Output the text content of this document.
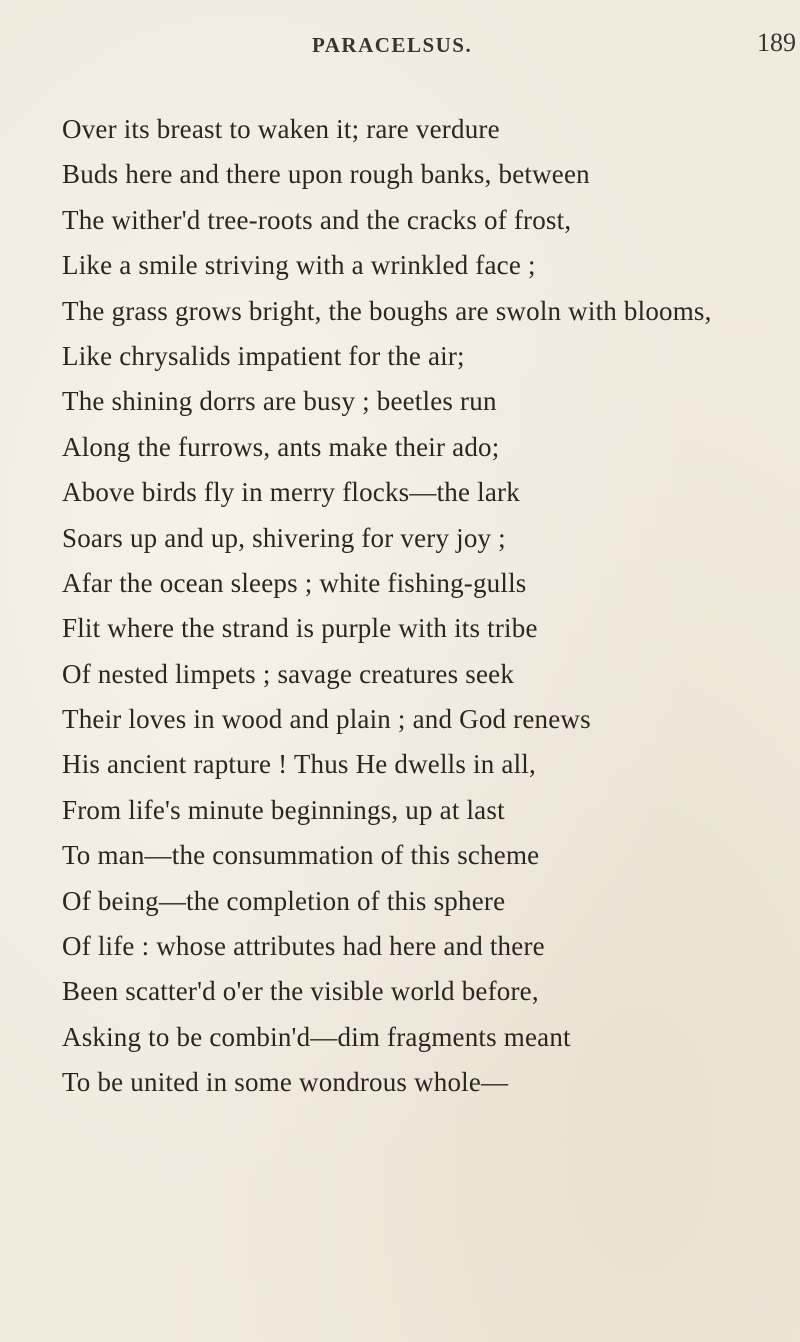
PARACELSUS.	189
Over its breast to waken it; rare verdure
Buds here and there upon rough banks, between
The wither'd tree-roots and the cracks of frost,
Like a smile striving with a wrinkled face ;
The grass grows bright, the boughs are swoln with blooms,
Like chrysalids impatient for the air;
The shining dorrs are busy ; beetles run
Along the furrows, ants make their ado;
Above birds fly in merry flocks—the lark
Soars up and up, shivering for very joy ;
Afar the ocean sleeps ; white fishing-gulls
Flit where the strand is purple with its tribe
Of nested limpets ; savage creatures seek
Their loves in wood and plain ; and God renews
His ancient rapture ! Thus He dwells in all,
From life's minute beginnings, up at last
To man—the consummation of this scheme
Of being—the completion of this sphere
Of life : whose attributes had here and there
Been scatter'd o'er the visible world before,
Asking to be combin'd—dim fragments meant
To be united in some wondrous whole—
